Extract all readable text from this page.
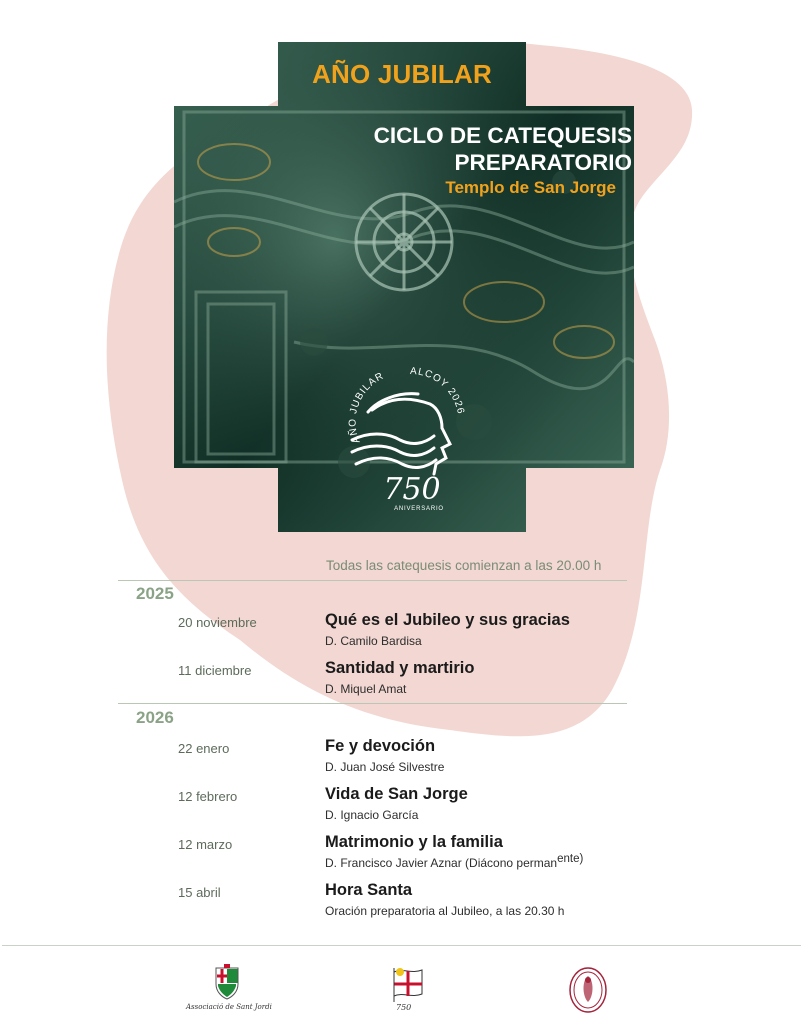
AÑO JUBILAR
CICLO DE CATEQUESIS
PREPARATORIO
Templo de San Jorge
AÑO JUBILAR ALCOY 2026
750
ANIVERSARIO
Todas las catequesis comienzan a las 20.00 h
2025
20 noviembre	Qué es el Jubileo y sus gracias
D. Camilo Bardisa
11 diciembre	Santidad y martirio
D. Miquel Amat
2026
22 enero	Fe y devoción
D. Juan José Silvestre
12 febrero	Vida de San Jorge
D. Ignacio García
12 marzo	Matrimonio y la familia
D. Francisco Javier Aznar (Diácono permanente)
15 abril	Hora Santa
Oración preparatoria al Jubileo, a las 20.30 h
Associació de Sant Jordi	750
